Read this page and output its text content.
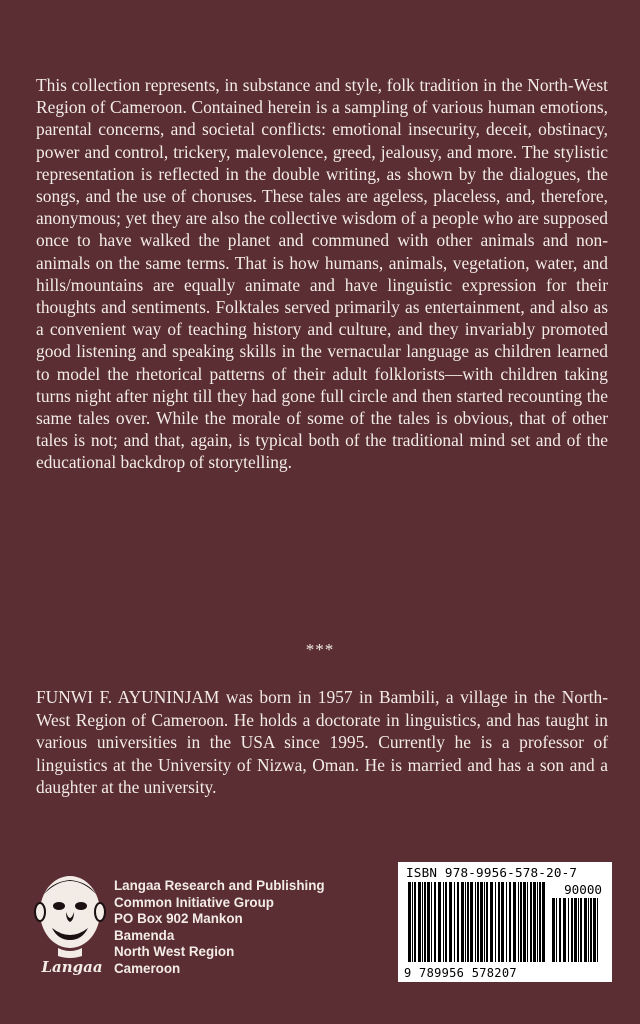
This collection represents, in substance and style, folk tradition in the North-West Region of Cameroon. Contained herein is a sampling of various human emotions, parental concerns, and societal conflicts: emotional insecurity, deceit, obstinacy, power and control, trickery, malevolence, greed, jealousy, and more. The stylistic representation is reflected in the double writing, as shown by the dialogues, the songs, and the use of choruses. These tales are ageless, placeless, and, therefore, anonymous; yet they are also the collective wisdom of a people who are supposed once to have walked the planet and communed with other animals and non-animals on the same terms. That is how humans, animals, vegetation, water, and hills/mountains are equally animate and have linguistic expression for their thoughts and sentiments. Folktales served primarily as entertainment, and also as a convenient way of teaching history and culture, and they invariably promoted good listening and speaking skills in the vernacular language as children learned to model the rhetorical patterns of their adult folklorists—with children taking turns night after night till they had gone full circle and then started recounting the same tales over. While the morale of some of the tales is obvious, that of other tales is not; and that, again, is typical both of the traditional mind set and of the educational backdrop of storytelling.

***

FUNWI F. AYUNINJAM was born in 1957 in Bambili, a village in the North-West Region of Cameroon. He holds a doctorate in linguistics, and has taught in various universities in the USA since 1995. Currently he is a professor of linguistics at the University of Nizwa, Oman. He is married and has a son and a daughter at the university.

Langaa
Langaa Research and Publishing
Common Initiative Group
PO Box 902 Mankon
Bamenda
North West Region
Cameroon
ISBN 978-9956-578-20-7
90000
9 789956 578207
